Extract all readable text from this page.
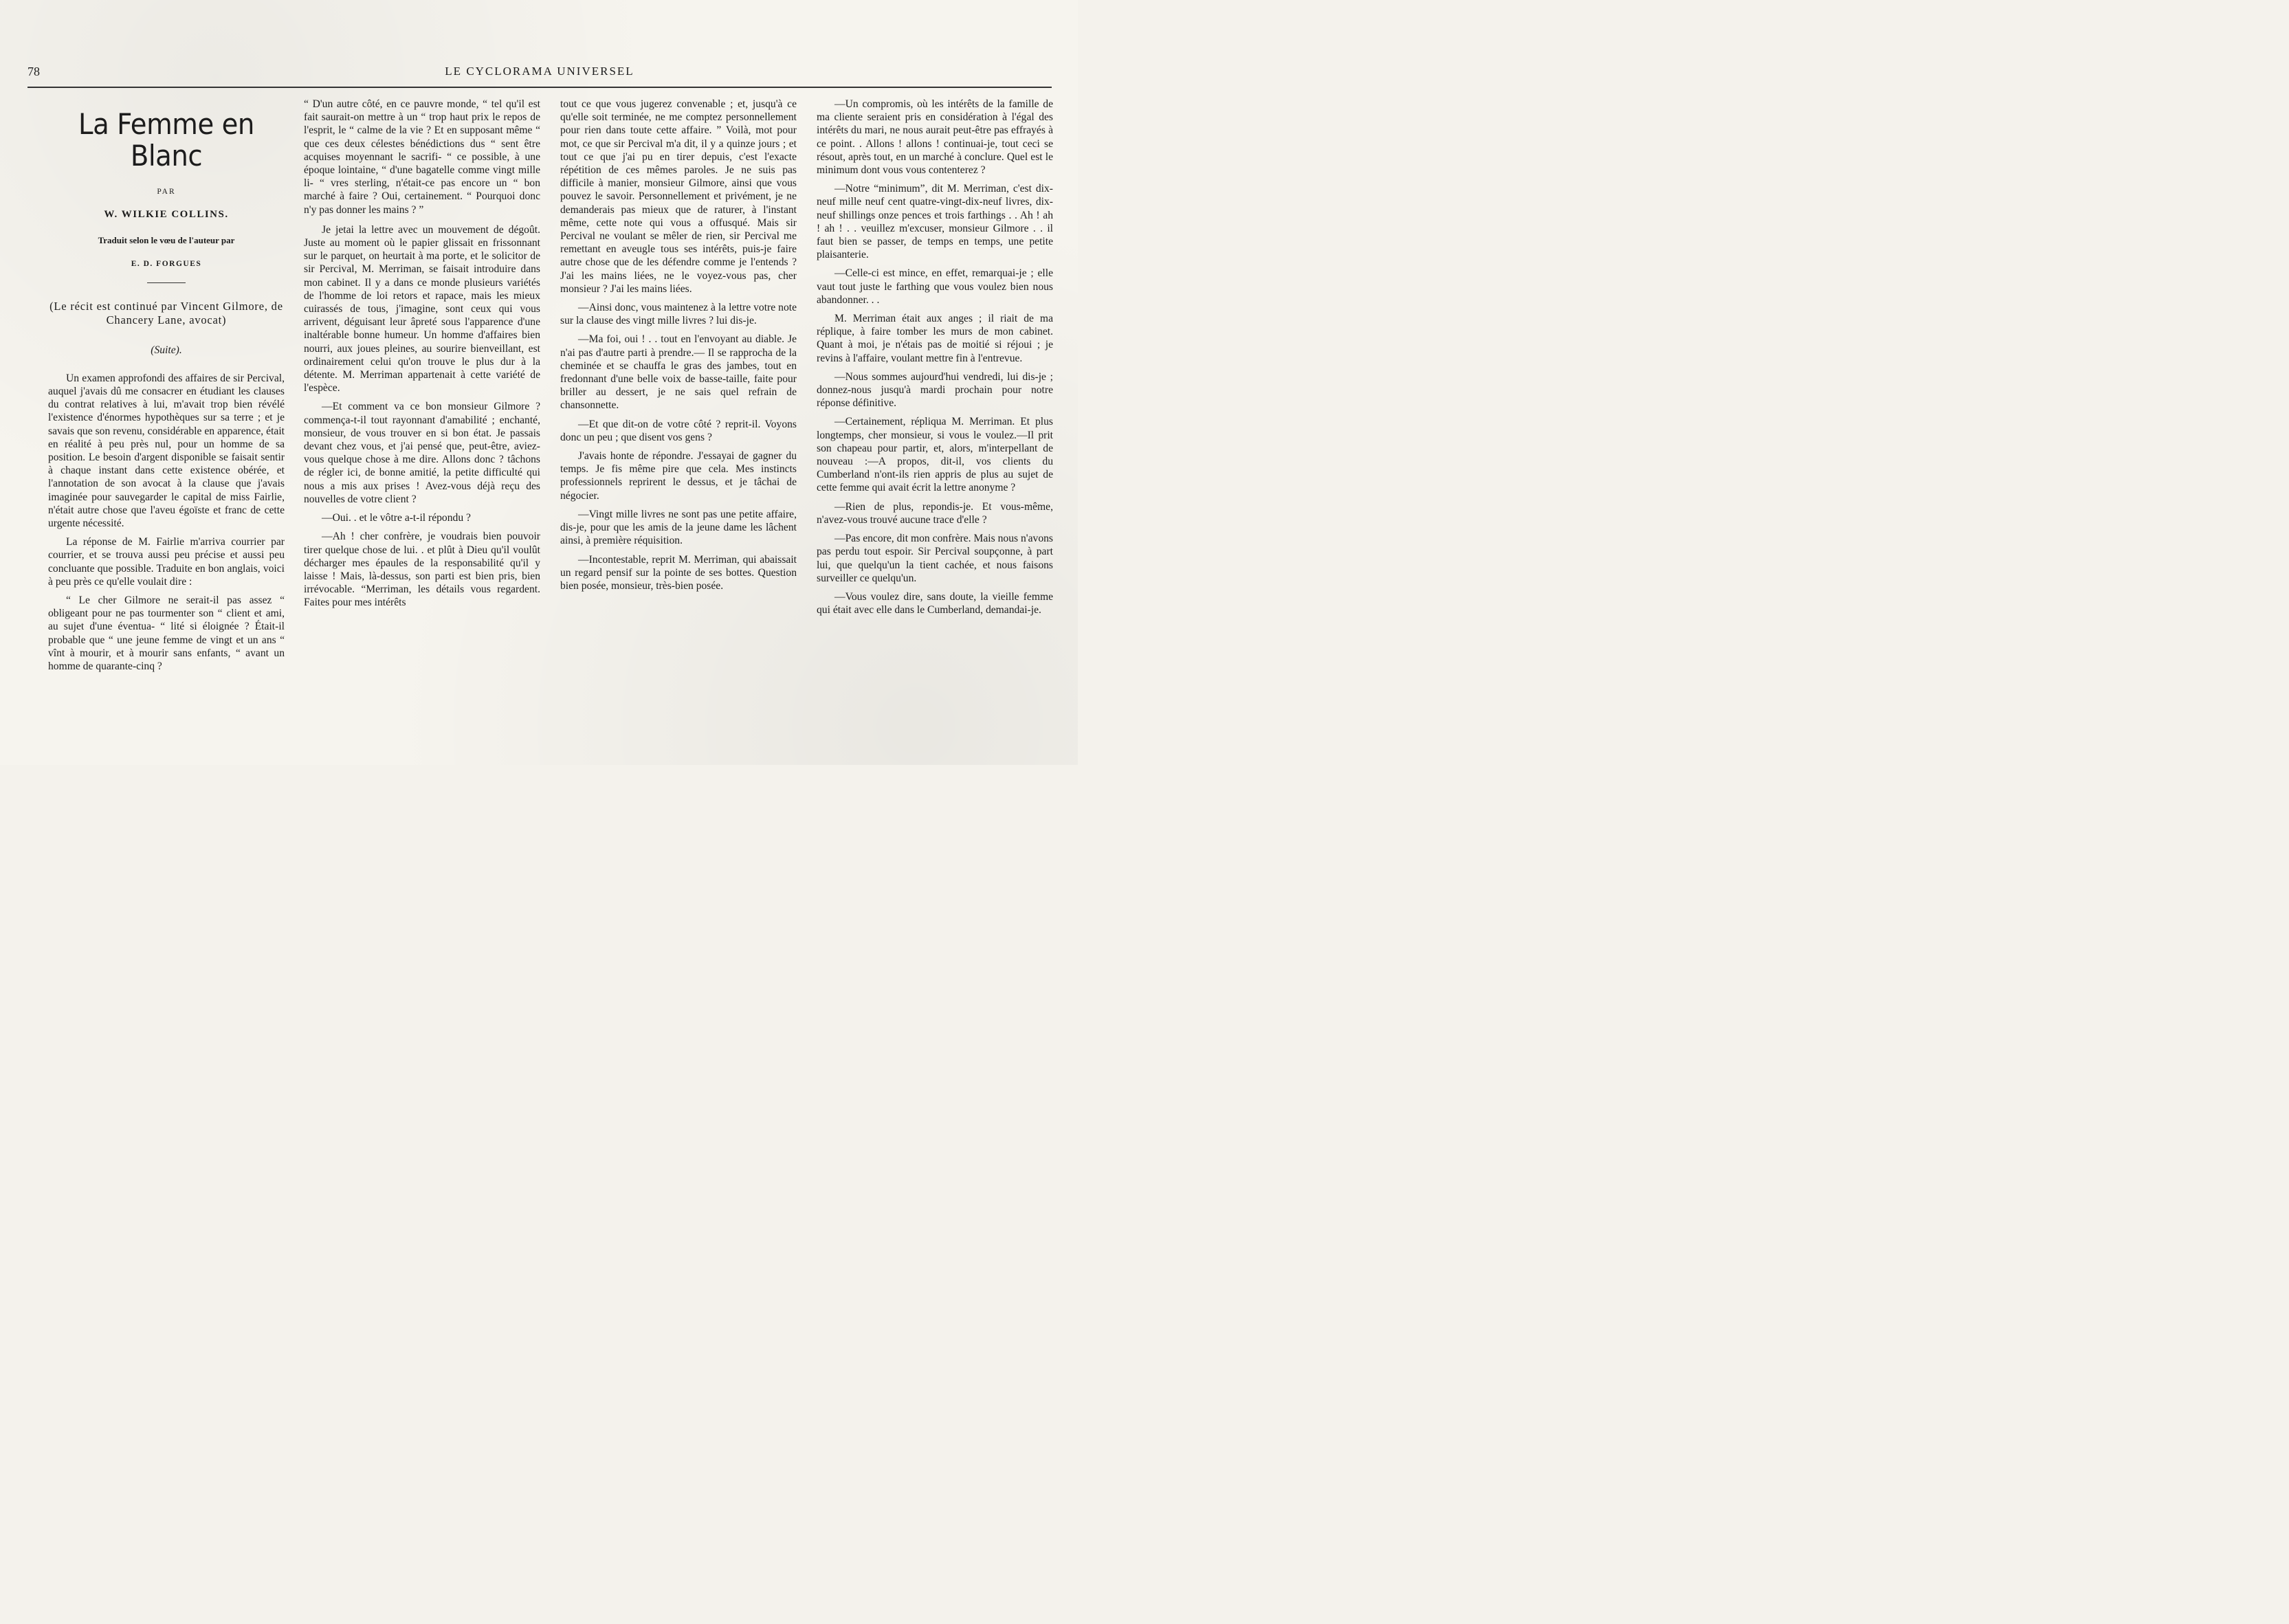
78	LE CYCLORAMA UNIVERSEL
La Femme en Blanc
PAR
W. WILKIE COLLINS.
Traduit selon le vœu de l'auteur par
E. D. FORGUES
(Le récit est continué par Vincent Gilmore, de Chancery Lane, avocat)
(Suite).

Un examen approfondi des affaires de sir Percival, auquel j'avais dû me consacrer en étudiant les clauses du contrat relatives à lui, m'avait trop bien révélé l'existence d'énormes hypothèques sur sa terre ; et je savais que son revenu, considérable en apparence, était en réalité à peu près nul, pour un homme de sa position. Le besoin d'argent disponible se faisait sentir à chaque instant dans cette existence obérée, et l'annotation de son avocat à la clause que j'avais imaginée pour sauvegarder le capital de miss Fairlie, n'était autre chose que l'aveu égoïste et franc de cette urgente nécessité.

La réponse de M. Fairlie m'arriva courrier par courrier, et se trouva aussi peu précise et aussi peu concluante que possible. Traduite en bon anglais, voici à peu près ce qu'elle voulait dire :

“ Le cher Gilmore ne serait-il pas assez “ obligeant pour ne pas tourmenter son “ client et ami, au sujet d'une éventua- “ lité si éloignée ? Était-il probable que “ une jeune femme de vingt et un ans “ vînt à mourir, et à mourir sans enfants, “ avant un homme de quarante-cinq ?

“ D'un autre côté, en ce pauvre monde, “ tel qu'il est fait saurait-on mettre à un “ trop haut prix le repos de l'esprit, le “ calme de la vie ? Et en supposant même “ que ces deux célestes bénédictions dus “ sent être acquises moyennant le sacrifi- “ ce possible, à une époque lointaine, “ d'une bagatelle comme vingt mille li- “ vres sterling, n'était-ce pas encore un “ bon marché à faire ? Oui, certainement. “ Pourquoi donc n'y pas donner les mains ? ”

Je jetai la lettre avec un mouvement de dégoût. Juste au moment où le papier glissait en frissonnant sur le parquet, on heurtait à ma porte, et le solicitor de sir Percival, M. Merriman, se faisait introduire dans mon cabinet. Il y a dans ce monde plusieurs variétés de l'homme de loi retors et rapace, mais les mieux cuirassés de tous, j'imagine, sont ceux qui vous arrivent, déguisant leur âpreté sous l'apparence d'une inaltérable bonne humeur. Un homme d'affaires bien nourri, aux joues pleines, au sourire bienveillant, est ordinairement celui qu'on trouve le plus dur à la détente. M. Merriman appartenait à cette variété de l'espèce.

—Et comment va ce bon monsieur Gilmore ? commença-t-il tout rayonnant d'amabilité ; enchanté, monsieur, de vous trouver en si bon état. Je passais devant chez vous, et j'ai pensé que, peut-être, aviez-vous quelque chose à me dire. Allons donc ? tâchons de régler ici, de bonne amitié, la petite difficulté qui nous a mis aux prises ! Avez-vous déjà reçu des nouvelles de votre client ?

—Oui. . et le vôtre a-t-il répondu ?

—Ah ! cher confrère, je voudrais bien pouvoir tirer quelque chose de lui. . et plût à Dieu qu'il voulût décharger mes épaules de la responsabilité qu'il y laisse ! Mais, là-dessus, son parti est bien pris, bien irrévocable. “Merriman, les détails vous regardent. Faites pour mes intérêts

tout ce que vous jugerez convenable ; et, jusqu'à ce qu'elle soit terminée, ne me comptez personnellement pour rien dans toute cette affaire. ” Voilà, mot pour mot, ce que sir Percival m'a dit, il y a quinze jours ; et tout ce que j'ai pu en tirer depuis, c'est l'exacte répétition de ces mêmes paroles. Je ne suis pas difficile à manier, monsieur Gilmore, ainsi que vous pouvez le savoir. Personnellement et privément, je ne demanderais pas mieux que de raturer, à l'instant même, cette note qui vous a offusqué. Mais sir Percival ne voulant se mêler de rien, sir Percival me remettant en aveugle tous ses intérêts, puis-je faire autre chose que de les défendre comme je l'entends ? J'ai les mains liées, ne le voyez-vous pas, cher monsieur ? J'ai les mains liées.

—Ainsi donc, vous maintenez à la lettre votre note sur la clause des vingt mille livres ? lui dis-je.

—Ma foi, oui ! . . tout en l'envoyant au diable. Je n'ai pas d'autre parti à prendre.— Il se rapprocha de la cheminée et se chauffa le gras des jambes, tout en fredonnant d'une belle voix de basse-taille, faite pour briller au dessert, je ne sais quel refrain de chansonnette.

—Et que dit-on de votre côté ? reprit-il. Voyons donc un peu ; que disent vos gens ?

J'avais honte de répondre. J'essayai de gagner du temps. Je fis même pire que cela. Mes instincts professionnels reprirent le dessus, et je tâchai de négocier.

—Vingt mille livres ne sont pas une petite affaire, dis-je, pour que les amis de la jeune dame les lâchent ainsi, à première réquisition.

—Incontestable, reprit M. Merriman, qui abaissait un regard pensif sur la pointe de ses bottes. Question bien posée, monsieur, très-bien posée.

—Un compromis, où les intérêts de la famille de ma cliente seraient pris en considération à l'égal des intérêts du mari, ne nous aurait peut-être pas effrayés à ce point. . Allons ! allons ! continuai-je, tout ceci se résout, après tout, en un marché à conclure. Quel est le minimum dont vous vous contenterez ?

—Notre “minimum”, dit M. Merriman, c'est dix-neuf mille neuf cent quatre-vingt-dix-neuf livres, dix-neuf shillings onze pences et trois farthings . . Ah ! ah ! ah ! . . veuillez m'excuser, monsieur Gilmore . . il faut bien se passer, de temps en temps, une petite plaisanterie.

—Celle-ci est mince, en effet, remarquai-je ; elle vaut tout juste le farthing que vous voulez bien nous abandonner. . .

M. Merriman était aux anges ; il riait de ma réplique, à faire tomber les murs de mon cabinet. Quant à moi, je n'étais pas de moitié si réjoui ; je revins à l'affaire, voulant mettre fin à l'entrevue.

—Nous sommes aujourd'hui vendredi, lui dis-je ; donnez-nous jusqu'à mardi prochain pour notre réponse définitive.

—Certainement, répliqua M. Merriman. Et plus longtemps, cher monsieur, si vous le voulez.—Il prit son chapeau pour partir, et, alors, m'interpellant de nouveau :—A propos, dit-il, vos clients du Cumberland n'ont-ils rien appris de plus au sujet de cette femme qui avait écrit la lettre anonyme ?

—Rien de plus, repondis-je. Et vous-même, n'avez-vous trouvé aucune trace d'elle ?

—Pas encore, dit mon confrère. Mais nous n'avons pas perdu tout espoir. Sir Percival soupçonne, à part lui, que quelqu'un la tient cachée, et nous faisons surveiller ce quelqu'un.

—Vous voulez dire, sans doute, la vieille femme qui était avec elle dans le Cumberland, demandai-je.
